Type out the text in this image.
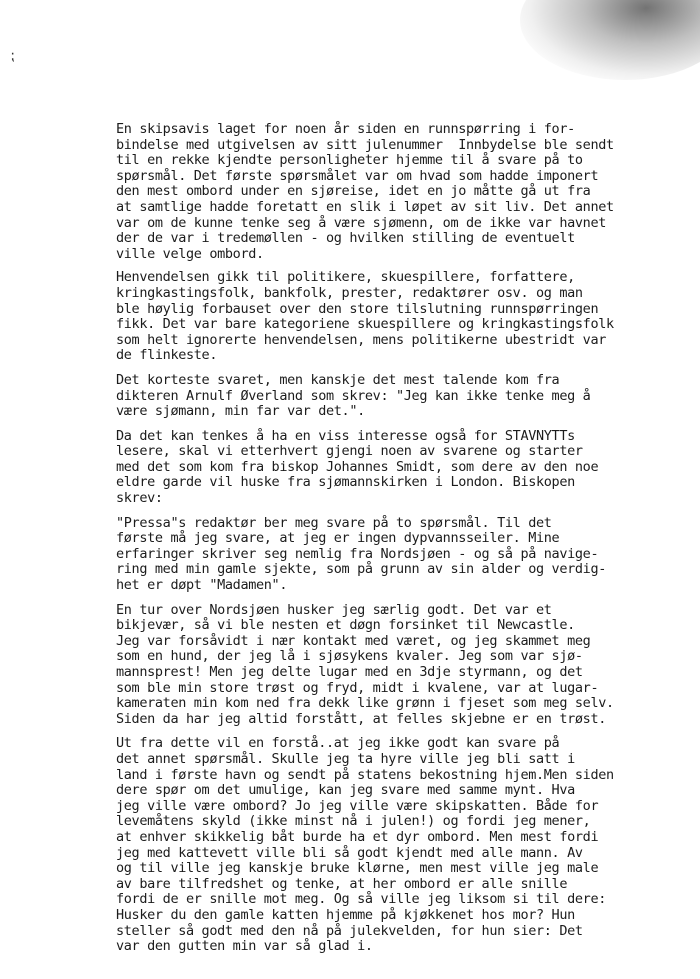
⁏

En skipsavis laget for noen år siden en runnspørring i for-
bindelse med utgivelsen av sitt julenummer  Innbydelse ble sendt
til en rekke kjendte personligheter hjemme til å svare på to
spørsmål. Det første spørsmålet var om hvad som hadde imponert
den mest ombord under en sjøreise, idet en jo måtte gå ut fra
at samtlige hadde foretatt en slik i løpet av sit liv. Det annet
var om de kunne tenke seg å være sjømenn, om de ikke var havnet
der de var i tredemøllen - og hvilken stilling de eventuelt
ville velge ombord.

Henvendelsen gikk til politikere, skuespillere, forfattere,
kringkastingsfolk, bankfolk, prester, redaktører osv. og man
ble høylig forbauset over den store tilslutning runnspørringen
fikk. Det var bare kategoriene skuespillere og kringkastingsfolk
som helt ignorerte henvendelsen, mens politikerne ubestridt var
de flinkeste.

Det korteste svaret, men kanskje det mest talende kom fra
dikteren Arnulf Øverland som skrev: "Jeg kan ikke tenke meg å
være sjømann, min far var det.".

Da det kan tenkes å ha en viss interesse også for STAVNYTTs
lesere, skal vi etterhvert gjengi noen av svarene og starter
med det som kom fra biskop Johannes Smidt, som dere av den noe
eldre garde vil huske fra sjømannskirken i London. Biskopen
skrev:

"Pressa"s redaktør ber meg svare på to spørsmål. Til det
første må jeg svare, at jeg er ingen dypvannsseiler. Mine
erfaringer skriver seg nemlig fra Nordsjøen - og så på navige-
ring med min gamle sjekte, som på grunn av sin alder og verdig-
het er døpt "Madamen".

En tur over Nordsjøen husker jeg særlig godt. Det var et
bikjevær, så vi ble nesten et døgn forsinket til Newcastle.
Jeg var forsåvidt i nær kontakt med været, og jeg skammet meg
som en hund, der jeg lå i sjøsykens kvaler. Jeg som var sjø-
mannsprest! Men jeg delte lugar med en 3dje styrmann, og det
som ble min store trøst og fryd, midt i kvalene, var at lugar-
kameraten min kom ned fra dekk like grønn i fjeset som meg selv.
Siden da har jeg altid forstått, at felles skjebne er en trøst.

Ut fra dette vil en forstå..at jeg ikke godt kan svare på
det annet spørsmål. Skulle jeg ta hyre ville jeg bli satt i
land i første havn og sendt på statens bekostning hjem.Men siden
dere spør om det umulige, kan jeg svare med samme mynt. Hva
jeg ville være ombord? Jo jeg ville være skipskatten. Både for
levemåtens skyld (ikke minst nå i julen!) og fordi jeg mener,
at enhver skikkelig båt burde ha et dyr ombord. Men mest fordi
jeg med kattevett ville bli så godt kjendt med alle mann. Av
og til ville jeg kanskje bruke klørne, men mest ville jeg male
av bare tilfredshet og tenke, at her ombord er alle snille
fordi de er snille mot meg. Og så ville jeg liksom si til dere:
Husker du den gamle katten hjemme på kjøkkenet hos mor? Hun
steller så godt med den nå på julekvelden, for hun sier: Det
var den gutten min var så glad i.
